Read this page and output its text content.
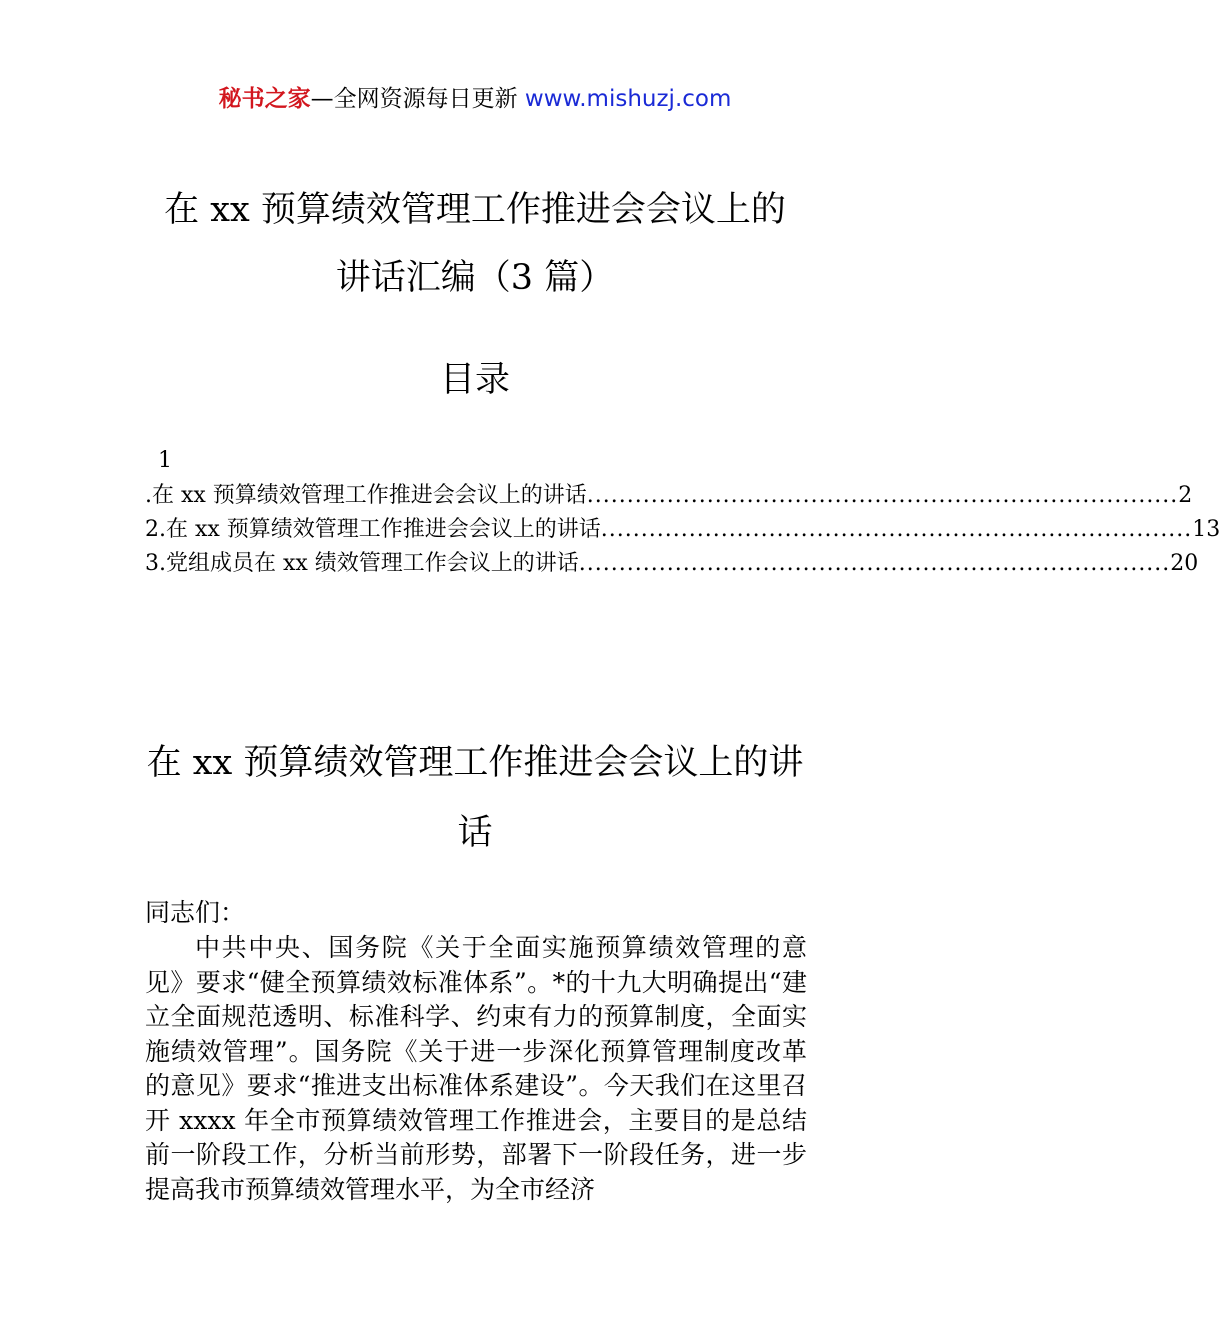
秘书之家—全网资源每日更新 www.mishuzj.com
在 xx 预算绩效管理工作推进会会议上的
讲话汇编（3 篇）
目录
1
.在 xx 预算绩效管理工作推进会会议上的讲话 .......................................................................... 2
2.在 xx 预算绩效管理工作推进会会议上的讲话 .......................................................................... 13
3.党组成员在 xx 绩效管理工作会议上的讲话 .......................................................................... 20
在 xx 预算绩效管理工作推进会会议上的讲
话
同志们：
中共中央、国务院《关于全面实施预算绩效管理的意见》要求“健全预算绩效标准体系”。*的十九大明确提出“建立全面规范透明、标准科学、约束有力的预算制度，全面实施绩效管理”。国务院《关于进一步深化预算管理制度改革的意见》要求“推进支出标准体系建设”。今天我们在这里召开 xxxx 年全市预算绩效管理工作推进会，主要目的是总结前一阶段工作，分析当前形势，部署下一阶段任务，进一步提高我市预算绩效管理水平，为全市经济
